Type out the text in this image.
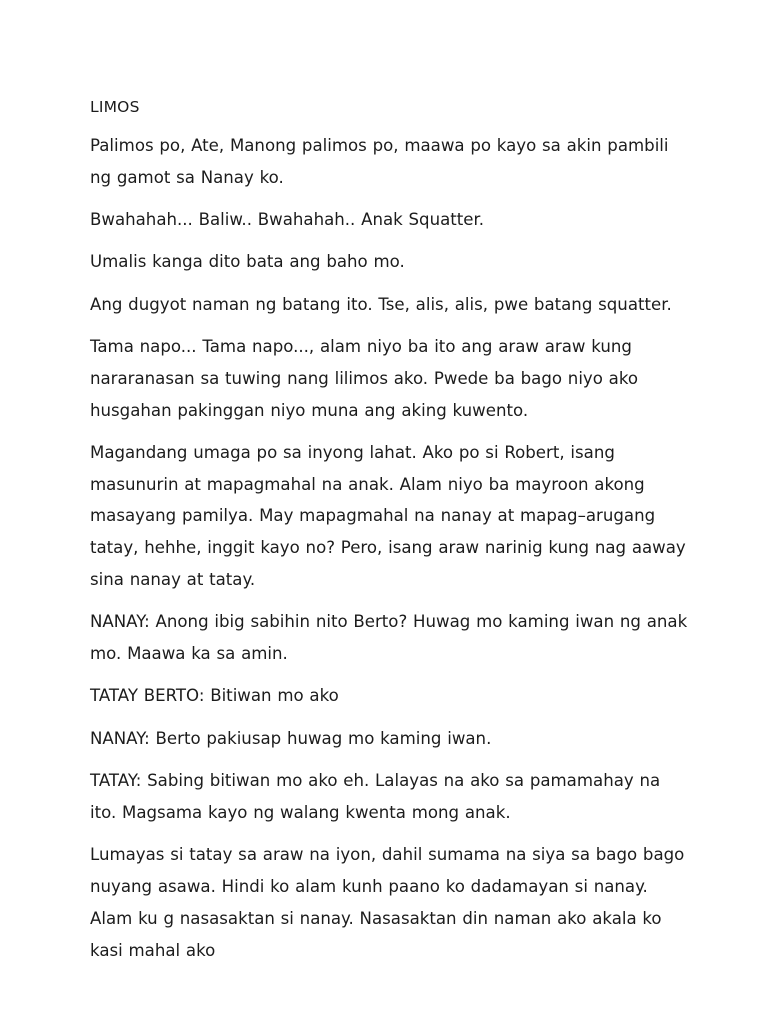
LIMOS

Palimos po, Ate, Manong palimos po, maawa po kayo sa akin pambili ng gamot sa Nanay ko.

Bwahahah... Baliw.. Bwahahah.. Anak Squatter.

Umalis kanga dito bata ang baho mo.

Ang dugyot naman ng batang ito. Tse, alis, alis, pwe batang squatter.

Tama napo... Tama napo..., alam niyo ba ito ang araw araw kung nararanasan sa tuwing nang lilimos ako. Pwede ba bago niyo ako husgahan pakinggan niyo muna ang aking kuwento.

Magandang umaga po sa inyong lahat. Ako po si Robert, isang masunurin at mapagmahal na anak. Alam niyo ba mayroon akong masayang pamilya. May mapagmahal na nanay at mapag–arugang tatay, hehhe, inggit kayo no? Pero, isang araw narinig kung nag aaway sina nanay at tatay.

NANAY: Anong ibig sabihin nito Berto? Huwag mo kaming iwan ng anak mo. Maawa ka sa amin.

TATAY BERTO: Bitiwan mo ako

NANAY: Berto pakiusap huwag mo kaming iwan.

TATAY: Sabing bitiwan mo ako eh. Lalayas na ako sa pamamahay na ito. Magsama kayo ng walang kwenta mong anak.

Lumayas si tatay sa araw na iyon, dahil sumama na siya sa bago bago nuyang asawa. Hindi ko alam kunh paano ko dadamayan si nanay. Alam ku g nasasaktan si nanay. Nasasaktan din naman ako akala ko kasi mahal ako
